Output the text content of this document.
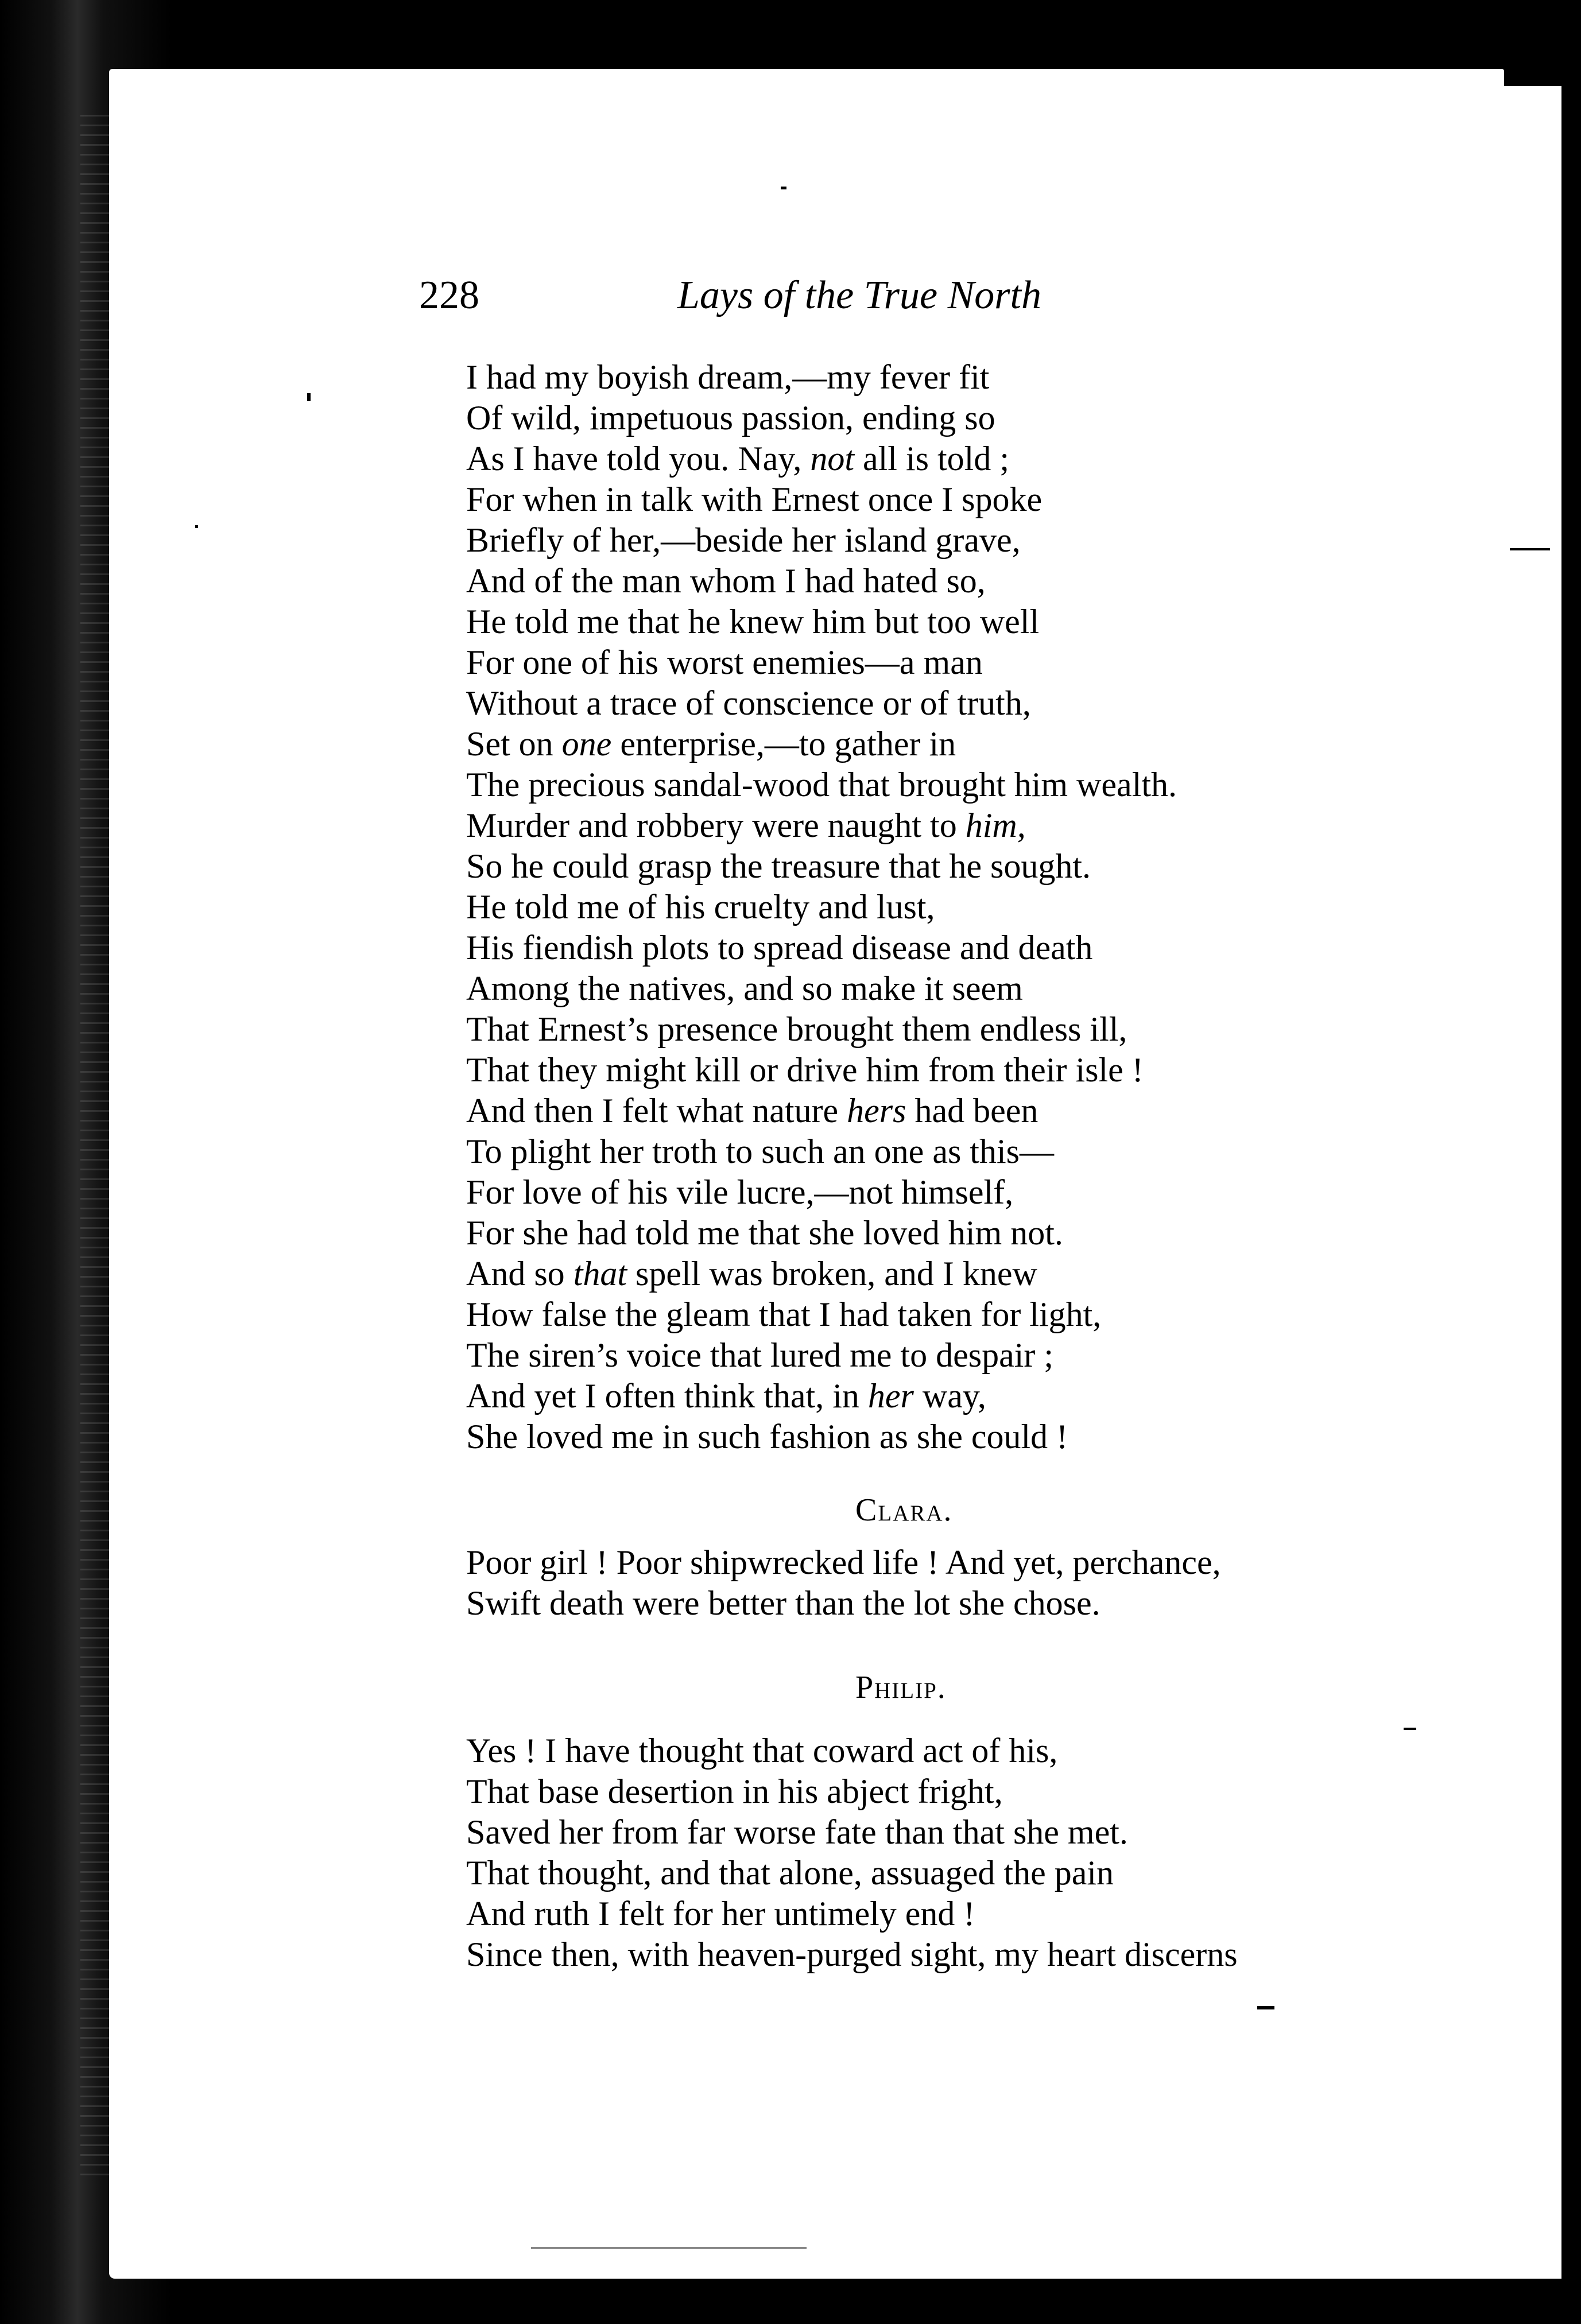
228	Lays of the True North
I had my boyish dream,—my fever fit
Of wild, impetuous passion, ending so
As I have told you. Nay, not all is told ;
For when in talk with Ernest once I spoke
Briefly of her,—beside her island grave,
And of the man whom I had hated so,
He told me that he knew him but too well
For one of his worst enemies—a man
Without a trace of conscience or of truth,
Set on one enterprise,—to gather in
The precious sandal-wood that brought him wealth.
Murder and robbery were naught to him,
So he could grasp the treasure that he sought.
He told me of his cruelty and lust,
His fiendish plots to spread disease and death
Among the natives, and so make it seem
That Ernest’s presence brought them endless ill,
That they might kill or drive him from their isle !
And then I felt what nature hers had been
To plight her troth to such an one as this—
For love of his vile lucre,—not himself,
For she had told me that she loved him not.
And so that spell was broken, and I knew
How false the gleam that I had taken for light,
The siren’s voice that lured me to despair ;
And yet I often think that, in her way,
She loved me in such fashion as she could !
Clara.
Poor girl ! Poor shipwrecked life ! And yet, perchance,
Swift death were better than the lot she chose.
Philip.
Yes ! I have thought that coward act of his,
That base desertion in his abject fright,
Saved her from far worse fate than that she met.
That thought, and that alone, assuaged the pain
And ruth I felt for her untimely end !
Since then, with heaven-purged sight, my heart discerns
